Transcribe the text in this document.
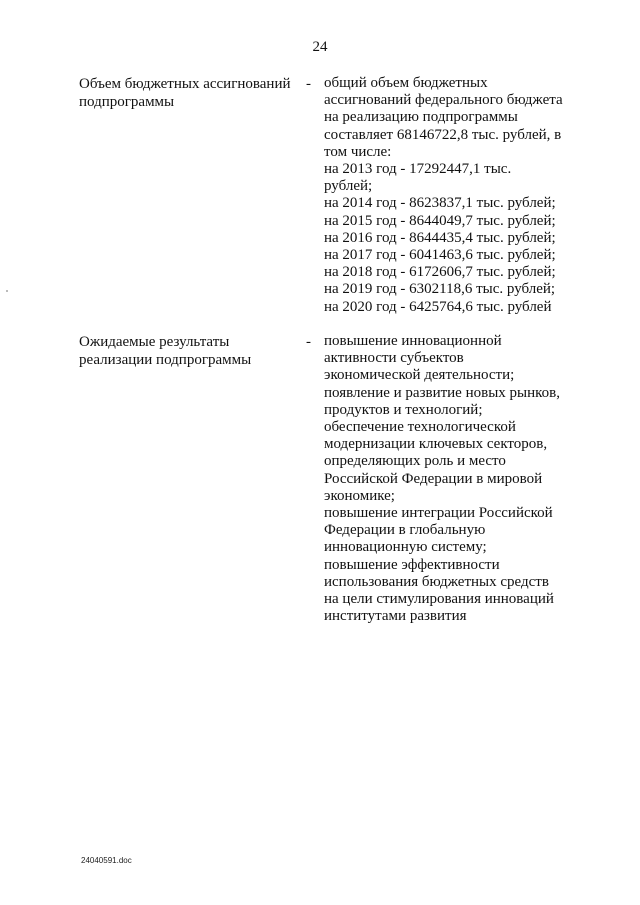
24
Объем бюджетных ассигнований
подпрограммы
- общий объем бюджетных
ассигнований федерального бюджета
на реализацию подпрограммы
составляет 68146722,8 тыс. рублей, в
том числе:
на 2013 год - 17292447,1 тыс.
рублей;
на 2014 год - 8623837,1 тыс. рублей;
на 2015 год - 8644049,7 тыс. рублей;
на 2016 год - 8644435,4 тыс. рублей;
на 2017 год - 6041463,6 тыс. рублей;
на 2018 год - 6172606,7 тыс. рублей;
на 2019 год - 6302118,6 тыс. рублей;
на 2020 год - 6425764,6 тыс. рублей
Ожидаемые результаты
реализации подпрограммы
- повышение инновационной
активности субъектов
экономической деятельности;
появление и развитие новых рынков,
продуктов и технологий;
обеспечение технологической
модернизации ключевых секторов,
определяющих роль и место
Российской Федерации в мировой
экономике;
повышение интеграции Российской
Федерации в глобальную
инновационную систему;
повышение эффективности
использования бюджетных средств
на цели стимулирования инноваций
институтами развития
24040591.doc
